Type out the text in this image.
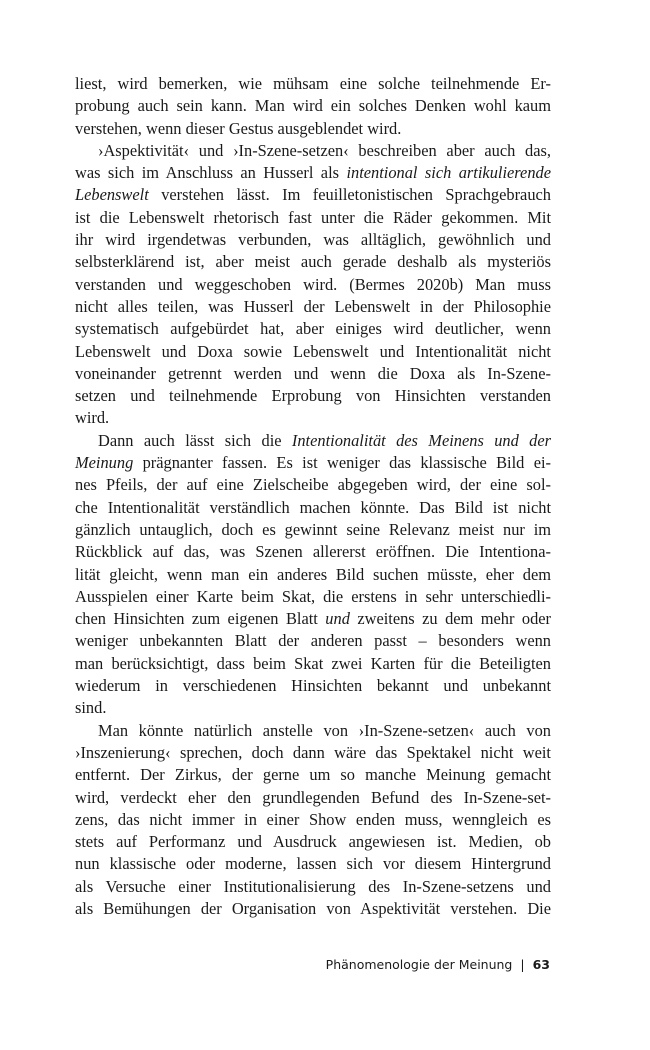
liest, wird bemerken, wie mühsam eine solche teilnehmende Er-
probung auch sein kann. Man wird ein solches Denken wohl kaum
verstehen, wenn dieser Gestus ausgeblendet wird.
›Aspektivität‹ und ›In-Szene-setzen‹ beschreiben aber auch das,
was sich im Anschluss an Husserl als intentional sich artikulierende
Lebenswelt verstehen lässt. Im feuilletonistischen Sprachgebrauch
ist die Lebenswelt rhetorisch fast unter die Räder gekommen. Mit
ihr wird irgendetwas verbunden, was alltäglich, gewöhnlich und
selbsterklärend ist, aber meist auch gerade deshalb als mysteriös
verstanden und weggeschoben wird. (Bermes 2020b) Man muss
nicht alles teilen, was Husserl der Lebenswelt in der Philosophie
systematisch aufgebürdet hat, aber einiges wird deutlicher, wenn
Lebenswelt und Doxa sowie Lebenswelt und Intentionalität nicht
voneinander getrennt werden und wenn die Doxa als In-Szene-
setzen und teilnehmende Erprobung von Hinsichten verstanden
wird.
Dann auch lässt sich die Intentionalität des Meinens und der
Meinung prägnanter fassen. Es ist weniger das klassische Bild ei-
nes Pfeils, der auf eine Zielscheibe abgegeben wird, der eine sol-
che Intentionalität verständlich machen könnte. Das Bild ist nicht
gänzlich untauglich, doch es gewinnt seine Relevanz meist nur im
Rückblick auf das, was Szenen allererst eröffnen. Die Intentiona-
lität gleicht, wenn man ein anderes Bild suchen müsste, eher dem
Ausspielen einer Karte beim Skat, die erstens in sehr unterschiedli-
chen Hinsichten zum eigenen Blatt und zweitens zu dem mehr oder
weniger unbekannten Blatt der anderen passt – besonders wenn
man berücksichtigt, dass beim Skat zwei Karten für die Beteiligten
wiederum in verschiedenen Hinsichten bekannt und unbekannt
sind.
Man könnte natürlich anstelle von ›In-Szene-setzen‹ auch von
›Inszenierung‹ sprechen, doch dann wäre das Spektakel nicht weit
entfernt. Der Zirkus, der gerne um so manche Meinung gemacht
wird, verdeckt eher den grundlegenden Befund des In-Szene-set-
zens, das nicht immer in einer Show enden muss, wenngleich es
stets auf Performanz und Ausdruck angewiesen ist. Medien, ob
nun klassische oder moderne, lassen sich vor diesem Hintergrund
als Versuche einer Institutionalisierung des In-Szene-setzens und
als Bemühungen der Organisation von Aspektivität verstehen. Die
Phänomenologie der Meinung | 63
